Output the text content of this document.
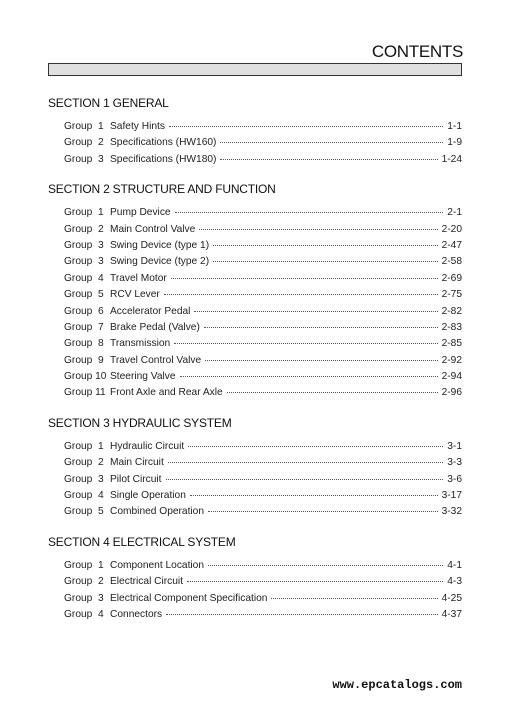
CONTENTS
SECTION 1 GENERAL
Group  1 Safety Hints	1-1
Group  2 Specifications (HW160)	1-9
Group  3 Specifications (HW180)	1-24
SECTION 2 STRUCTURE AND FUNCTION
Group  1 Pump Device	2-1
Group  2 Main Control Valve	2-20
Group  3 Swing Device (type 1)	2-47
Group  3 Swing Device (type 2)	2-58
Group  4 Travel Motor	2-69
Group  5 RCV Lever	2-75
Group  6 Accelerator Pedal	2-82
Group  7 Brake Pedal (Valve)	2-83
Group  8 Transmission	2-85
Group  9 Travel Control Valve	2-92
Group 10 Steering Valve	2-94
Group 11 Front Axle and Rear Axle	2-96
SECTION 3 HYDRAULIC SYSTEM
Group  1 Hydraulic Circuit	3-1
Group  2 Main Circuit	3-3
Group  3 Pilot Circuit	3-6
Group  4 Single Operation	3-17
Group  5 Combined Operation	3-32
SECTION 4 ELECTRICAL SYSTEM
Group  1 Component Location	4-1
Group  2 Electrical Circuit	4-3
Group  3 Electrical Component Specification	4-25
Group  4 Connectors	4-37
www.epcatalogs.com
